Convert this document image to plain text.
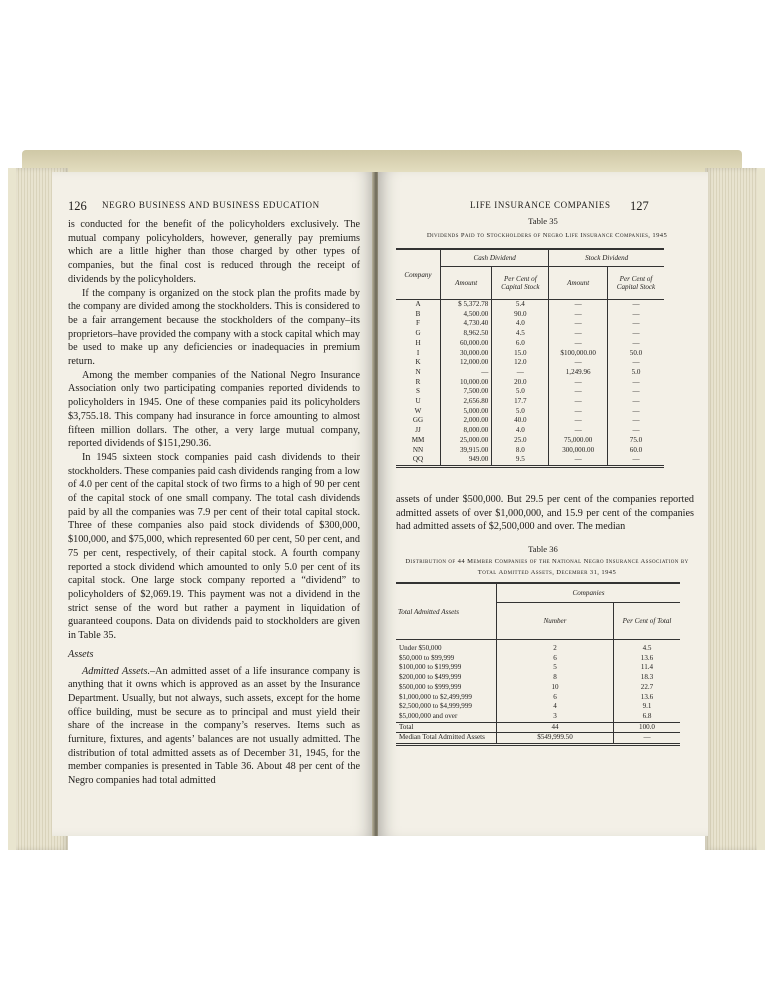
126 NEGRO BUSINESS AND BUSINESS EDUCATION

is conducted for the benefit of the policyholders exclusively. The mutual company policyholders, however, generally pay premiums which are a little higher than those charged by other types of companies, but the final cost is reduced through the receipt of dividends by the policyholders.

If the company is organized on the stock plan the profits made by the company are divided among the stockholders. This is considered to be a fair arrangement because the stockholders of the company–its proprietors–have provided the company with a stock capital which may be used to make up any deficiencies or inadequacies in premium return.

Among the member companies of the National Negro Insurance Association only two participating companies reported dividends to policyholders in 1945. One of these companies paid its policyholders $3,755.18. This company had insurance in force amounting to almost fifteen million dollars. The other, a very large mutual company, reported dividends of $151,290.36.

In 1945 sixteen stock companies paid cash dividends to their stockholders. These companies paid cash dividends ranging from a low of 4.0 per cent of the capital stock of two firms to a high of 90 per cent of the capital stock of one small company. The total cash dividends paid by all the companies was 7.9 per cent of their total capital stock. Three of these companies also paid stock dividends of $300,000, $100,000, and $75,000, which represented 60 per cent, 50 per cent, and 75 per cent, respectively, of their capital stock. A fourth company reported a stock dividend which amounted to only 5.0 per cent of its capital stock. One large stock company reported a “dividend” to policyholders of $2,069.19. This payment was not a dividend in the strict sense of the word but rather a payment in liquidation of guaranteed coupons. Data on dividends paid to stockholders are given in Table 35.

Assets

Admitted Assets.–An admitted asset of a life insurance company is anything that it owns which is approved as an asset by the Insurance Department. Usually, but not always, such assets, except for the home office building, must be secure as to principal and must yield their share of the increase in the company’s reserves. Items such as furniture, fixtures, and agents’ balances are not usually admitted. The distribution of total admitted assets as of December 31, 1945, for the member companies is presented in Table 36. About 48 per cent of the Negro companies had total admitted

LIFE INSURANCE COMPANIES 127
Table 35
Dividends Paid to Stockholders of Negro Life Insurance Companies, 1945
Company	Cash Dividend		Stock Dividend	
	Amount	Per Cent of Capital Stock	Amount	Per Cent of Capital Stock
A	$ 5,372.78	5.4	—	—
B	4,500.00	90.0	—	—
F	4,730.40	4.0	—	—
G	8,962.50	4.5	—	—
H	60,000.00	6.0	—	—
I	30,000.00	15.0	$100,000.00	50.0
K	12,000.00	12.0	—	—
N	—	—	1,249.96	5.0
R	10,000.00	20.0	—	—
S	7,500.00	5.0	—	—
U	2,656.80	17.7	—	—
W	5,000.00	5.0	—	—
GG	2,000.00	40.0	—	—
JJ	8,000.00	4.0	—	—
MM	25,000.00	25.0	75,000.00	75.0
NN	39,915.00	8.0	300,000.00	60.0
QQ	949.00	9.5	—	—

assets of under $500,000. But 29.5 per cent of the companies reported admitted assets of over $1,000,000, and 15.9 per cent of the companies had admitted assets of $2,500,000 and over. The median

Table 36
Distribution of 44 Member Companies of the National Negro Insurance Association by Total Admitted Assets, December 31, 1945
Total Admitted Assets	Companies	
	Number	Per Cent of Total
Under $50,000	2	4.5
$50,000 to $99,999	6	13.6
$100,000 to $199,999	5	11.4
$200,000 to $499,999	8	18.3
$500,000 to $999,999	10	22.7
$1,000,000 to $2,499,999	6	13.6
$2,500,000 to $4,999,999	4	9.1
$5,000,000 and over	3	6.8
Total	44	100.0
Median Total Admitted Assets	$549,999.50	—
